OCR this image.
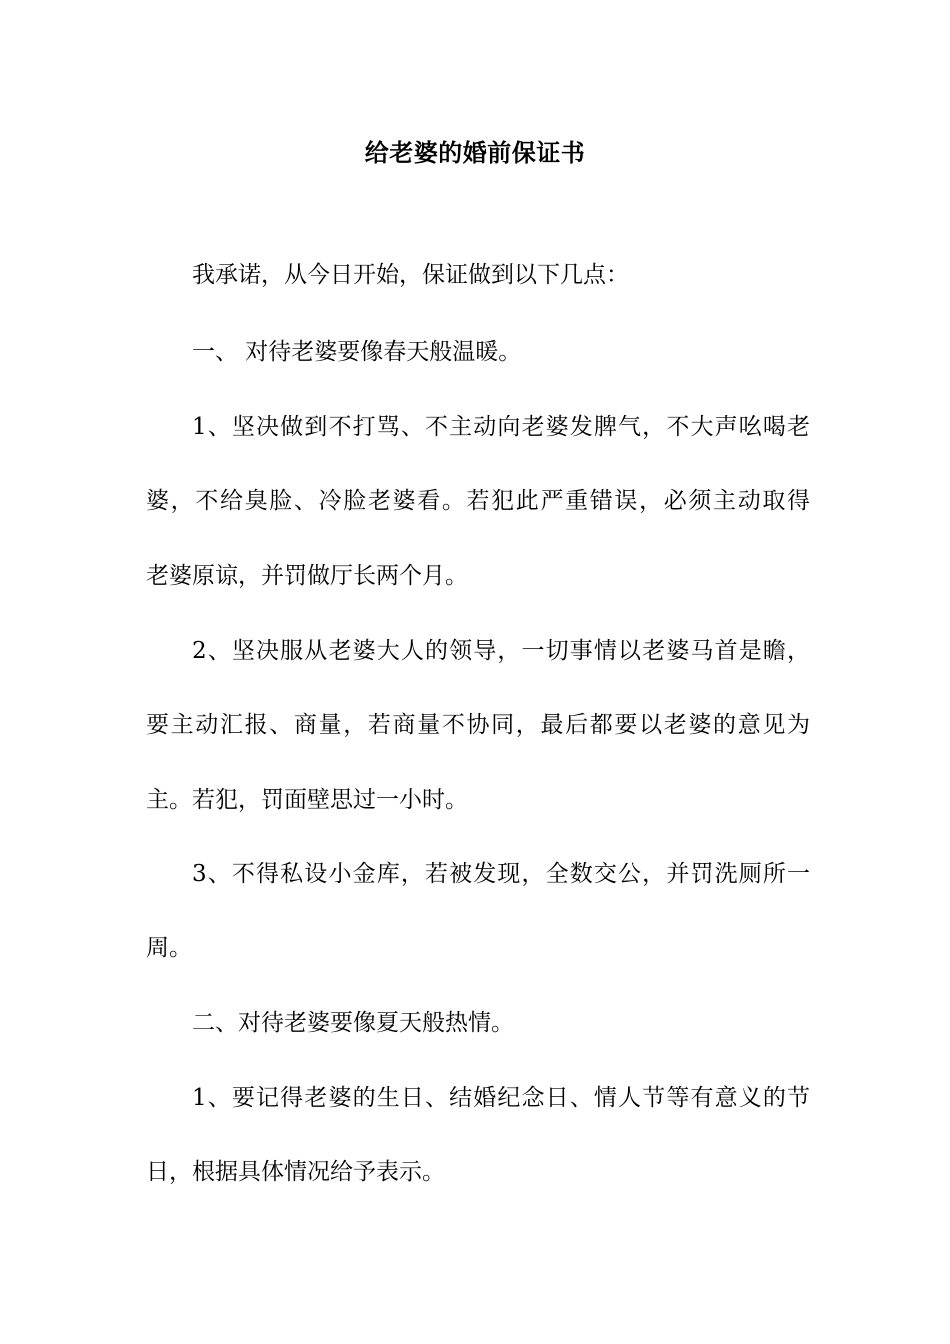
给老婆的婚前保证书
我承诺，从今日开始，保证做到以下几点：
一、 对待老婆要像春天般温暖。
1、坚决做到不打骂、不主动向老婆发脾气，不大声吆喝老
婆，不给臭脸、冷脸老婆看。若犯此严重错误，必须主动取得
老婆原谅，并罚做厅长两个月。
2、坚决服从老婆大人的领导，一切事情以老婆马首是瞻，
要主动汇报、商量，若商量不协同，最后都要以老婆的意见为
主。若犯，罚面壁思过一小时。
3、不得私设小金库，若被发现，全数交公，并罚洗厕所一
周。
二、对待老婆要像夏天般热情。
1、要记得老婆的生日、结婚纪念日、情人节等有意义的节
日，根据具体情况给予表示。
